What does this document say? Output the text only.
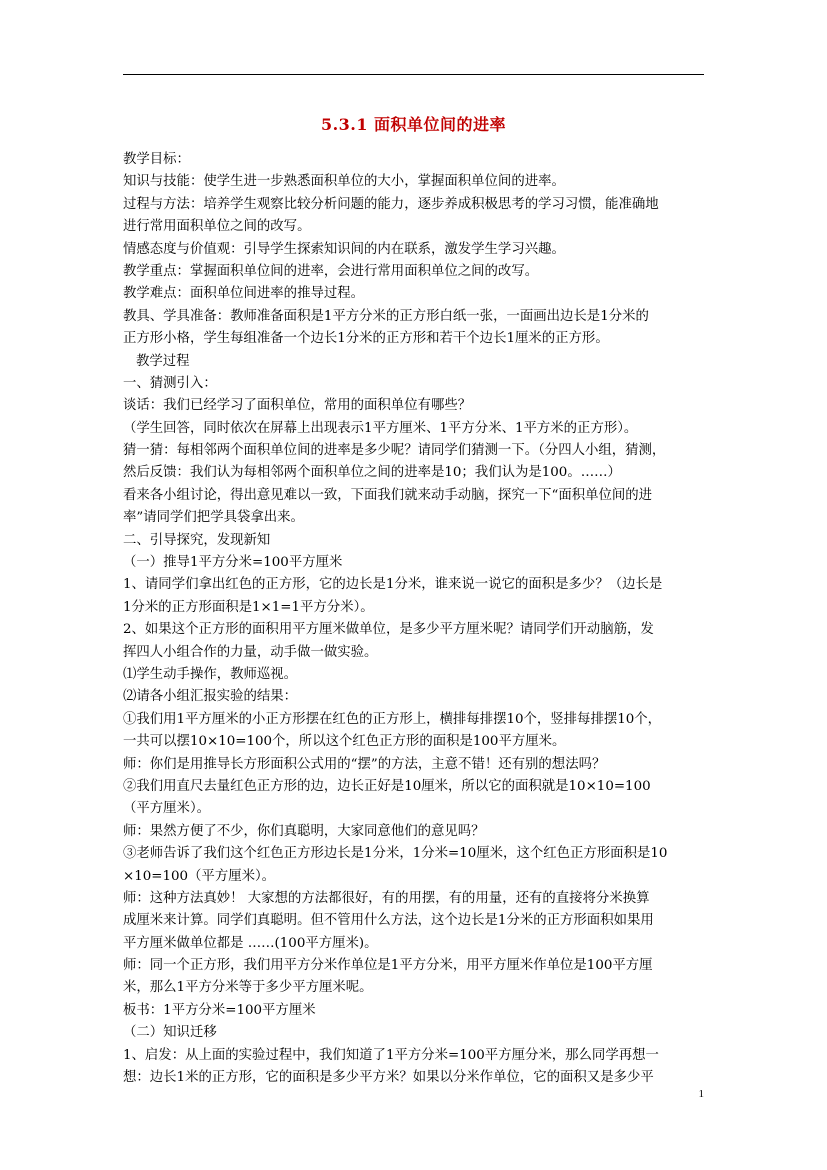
5.3.1 面积单位间的进率
教学目标：
知识与技能：使学生进一步熟悉面积单位的大小，掌握面积单位间的进率。
过程与方法：培养学生观察比较分析问题的能力，逐步养成积极思考的学习习惯，能准确地
进行常用面积单位之间的改写。
情感态度与价值观：引导学生探索知识间的内在联系，激发学生学习兴趣。
教学重点：掌握面积单位间的进率，会进行常用面积单位之间的改写。
教学难点：面积单位间进率的推导过程。
教具、学具准备：教师准备面积是1平方分米的正方形白纸一张，一面画出边长是1分米的
正方形小格，学生每组准备一个边长1分米的正方形和若干个边长1厘米的正方形。
教学过程
一、猜测引入：
谈话：我们已经学习了面积单位，常用的面积单位有哪些？
（学生回答，同时依次在屏幕上出现表示1平方厘米、1平方分米、1平方米的正方形）。
猜一猜：每相邻两个面积单位间的进率是多少呢？请同学们猜测一下。（分四人小组，猜测，
然后反馈：我们认为每相邻两个面积单位之间的进率是10；我们认为是100。……）
看来各小组讨论，得出意见难以一致，下面我们就来动手动脑，探究一下“面积单位间的进
率”请同学们把学具袋拿出来。
二、引导探究，发现新知
（一）推导1平方分米=100平方厘米
1、请同学们拿出红色的正方形，它的边长是1分米，谁来说一说它的面积是多少？（边长是
1分米的正方形面积是1×1=1平方分米）。
2、如果这个正方形的面积用平方厘米做单位，是多少平方厘米呢？请同学们开动脑筋，发
挥四人小组合作的力量，动手做一做实验。
⑴学生动手操作，教师巡视。
⑵请各小组汇报实验的结果：
①我们用1平方厘米的小正方形摆在红色的正方形上，横排每排摆10个，竖排每排摆10个，
一共可以摆10×10=100个，所以这个红色正方形的面积是100平方厘米。
师：你们是用推导长方形面积公式用的“摆”的方法，主意不错！还有别的想法吗？
②我们用直尺去量红色正方形的边，边长正好是10厘米，所以它的面积就是10×10=100
（平方厘米）。
师：果然方便了不少，你们真聪明，大家同意他们的意见吗？
③老师告诉了我们这个红色正方形边长是1分米，1分米=10厘米，这个红色正方形面积是10
×10=100（平方厘米）。
师：这种方法真妙！ 大家想的方法都很好，有的用摆，有的用量，还有的直接将分米换算
成厘米来计算。同学们真聪明。但不管用什么方法，这个边长是1分米的正方形面积如果用
平方厘米做单位都是 ……(100平方厘米)。
师：同一个正方形，我们用平方分米作单位是1平方分米，用平方厘米作单位是100平方厘
米，那么1平方分米等于多少平方厘米呢。
板书：1平方分米=100平方厘米
（二）知识迁移
1、启发：从上面的实验过程中，我们知道了1平方分米=100平方厘分米，那么同学再想一
想：边长1米的正方形，它的面积是多少平方米？如果以分米作单位，它的面积又是多少平
1
